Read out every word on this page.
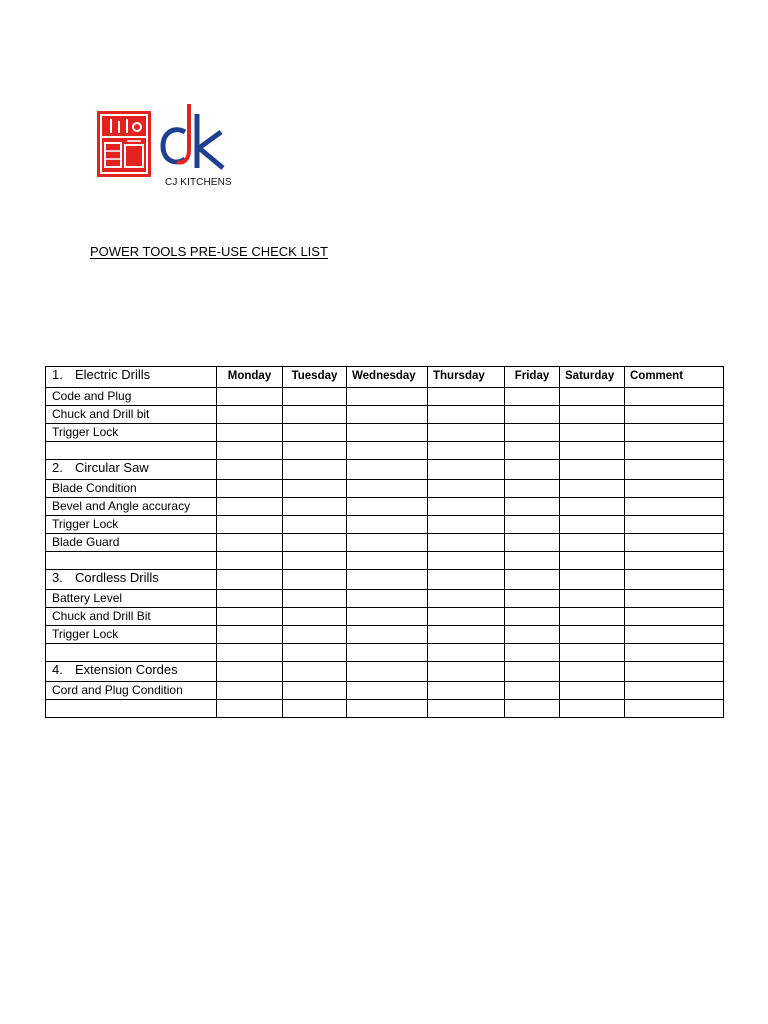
CJ KITCHENS
POWER TOOLS PRE-USE CHECK LIST
1. Electric Drills	Monday	Tuesday	Wednesday	Thursday	Friday	Saturday	Comment
Code and Plug							
Chuck and Drill bit							
Trigger Lock							

2. Circular Saw							
Blade Condition							
Bevel and Angle accuracy							
Trigger Lock							
Blade Guard							

3. Cordless Drills							
Battery Level							
Chuck and Drill Bit							
Trigger Lock							

4. Extension Cordes							
Cord and Plug Condition							
